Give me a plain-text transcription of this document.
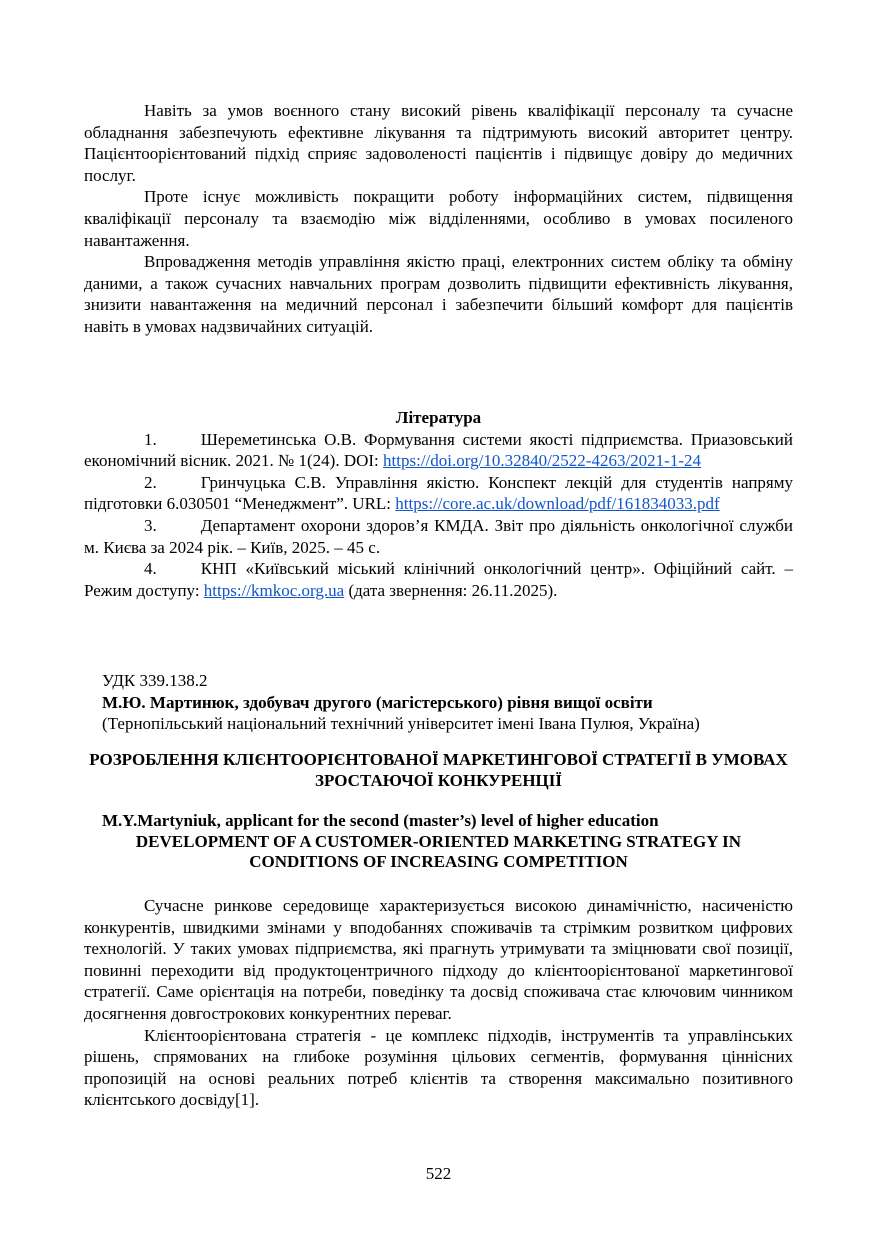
Навіть за умов воєнного стану високий рівень кваліфікації персоналу та сучасне обладнання забезпечують ефективне лікування та підтримують високий авторитет центру. Пацієнтоорієнтований підхід сприяє задоволеності пацієнтів і підвищує довіру до медичних послуг.

Проте існує можливість покращити роботу інформаційних систем, підвищення кваліфікації персоналу та взаємодію між відділеннями, особливо в умовах посиленого навантаження.

Впровадження методів управління якістю праці, електронних систем обліку та обміну даними, а також сучасних навчальних програм дозволить підвищити ефективність лікування, знизити навантаження на медичний персонал і забезпечити більший комфорт для пацієнтів навіть в умовах надзвичайних ситуацій.

Література

1.	Шереметинська О.В. Формування системи якості підприємства. Приазовський економічний вісник. 2021. № 1(24). DOI: https://doi.org/10.32840/2522-4263/2021-1-24

2.	Гринчуцька С.В. Управління якістю. Конспект лекцій для студентів напряму підготовки 6.030501 “Менеджмент”. URL: https://core.ac.uk/download/pdf/161834033.pdf

3.	Департамент охорони здоров’я КМДА. Звіт про діяльність онкологічної служби м. Києва за 2024 рік. – Київ, 2025. – 45 с.

4.	КНП «Київський міський клінічний онкологічний центр». Офіційний сайт. – Режим доступу: https://kmkoc.org.ua (дата звернення: 26.11.2025).

УДК 339.138.2
М.Ю. Мартинюк, здобувач другого (магістерського) рівня вищої освіти
(Тернопільський національний технічний університет імені Івана Пулюя, Україна)
РОЗРОБЛЕННЯ КЛІЄНТООРІЄНТОВАНОЇ МАРКЕТИНГОВОЇ СТРАТЕГІЇ В УМОВАХ ЗРОСТАЮЧОЇ КОНКУРЕНЦІЇ
M.Y.Martyniuk, applicant for the second (master’s) level of higher education
DEVELOPMENT OF A CUSTOMER-ORIENTED MARKETING STRATEGY IN CONDITIONS OF INCREASING COMPETITION

Сучасне ринкове середовище характеризується високою динамічністю, насиченістю конкурентів, швидкими змінами у вподобаннях споживачів та стрімким розвитком цифрових технологій. У таких умовах підприємства, які прагнуть утримувати та зміцнювати свої позиції, повинні переходити від продуктоцентричного підходу до клієнтоорієнтованої маркетингової стратегії. Саме орієнтація на потреби, поведінку та досвід споживача стає ключовим чинником досягнення довгострокових конкурентних переваг.

Клієнтоорієнтована стратегія - це комплекс підходів, інструментів та управлінських рішень, спрямованих на глибоке розуміння цільових сегментів, формування ціннісних пропозицій на основі реальних потреб клієнтів та створення максимально позитивного клієнтського досвіду[1].

522
